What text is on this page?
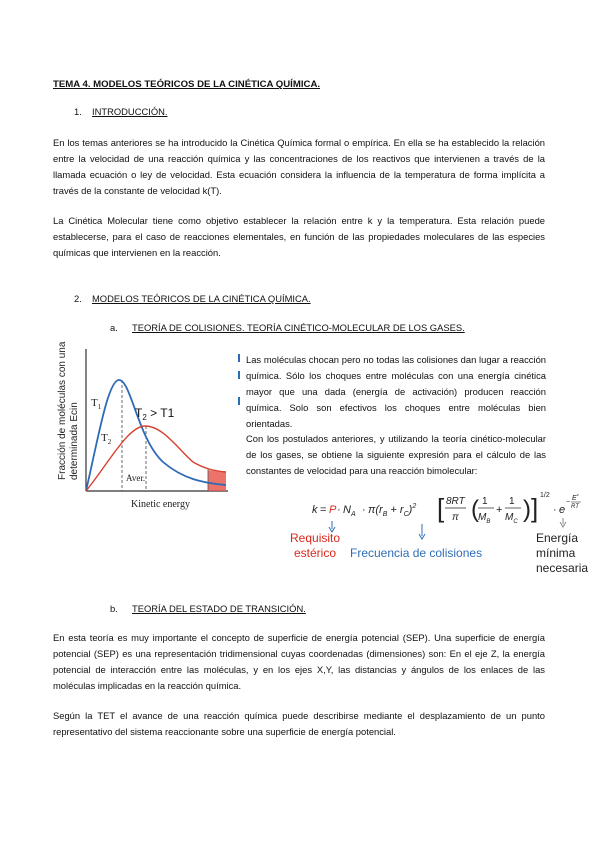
TEMA 4. MODELOS TEÓRICOS DE LA CINÉTICA QUÍMICA.
1. INTRODUCCIÓN.
En los temas anteriores se ha introducido la Cinética Química formal o empírica. En ella se ha establecido la relación entre la velocidad de una reacción química y las concentraciones de los reactivos que intervienen a través de la llamada ecuación o ley de velocidad. Esta ecuación considera la influencia de la temperatura de forma implícita a través de la constante de velocidad k(T).
La Cinética Molecular tiene como objetivo establecer la relación entre k y la temperatura. Esta relación puede establecerse, para el caso de reacciones elementales, en función de las propiedades moleculares de las especies químicas que intervienen en la reacción.
2. MODELOS TEÓRICOS DE LA CINÉTICA QUÍMICA.
a. TEORÍA DE COLISIONES. TEORÍA CINÉTICO-MOLECULAR DE LOS GASES.
Fracción de moléculas con una determinada Ecin $T_1$
$T_2$
$T_2 > T1$
Aver.
Kinetic energy
Las moléculas chocan pero no todas las colisiones dan lugar a reacción química. Sólo los choques entre moléculas con una energía cinética mayor que una dada (energía de activación) producen reacción química. Solo son efectivos los choques entre moléculas bien orientadas.
Con los postulados anteriores, y utilizando la teoría cinético-molecular de los gases, se obtiene la siguiente expresión para el cálculo de las constantes de velocidad para una reacción bimolecular:
$k = P \cdot N_A \cdot \pi(r_B + r_C)^2$ [ 8RT
π ( 1
$M_B$
+
1
$M_C$ ) ] 1/2
· e
−
E*
RT
Requisito
estérico Frecuencia de colisiones
Energía
mínima
necesaria
b. TEORÍA DEL ESTADO DE TRANSICIÓN.
En esta teoría es muy importante el concepto de superficie de energía potencial (SEP). Una superficie de energía potencial (SEP) es una representación tridimensional cuyas coordenadas (dimensiones) son: En el eje Z, la energía potencial de interacción entre las moléculas, y en los ejes X,Y, las distancias y ángulos de los enlaces de las moléculas implicadas en la reacción química.
Según la TET el avance de una reacción química puede describirse mediante el desplazamiento de un punto representativo del sistema reaccionante sobre una superficie de energía potencial.
